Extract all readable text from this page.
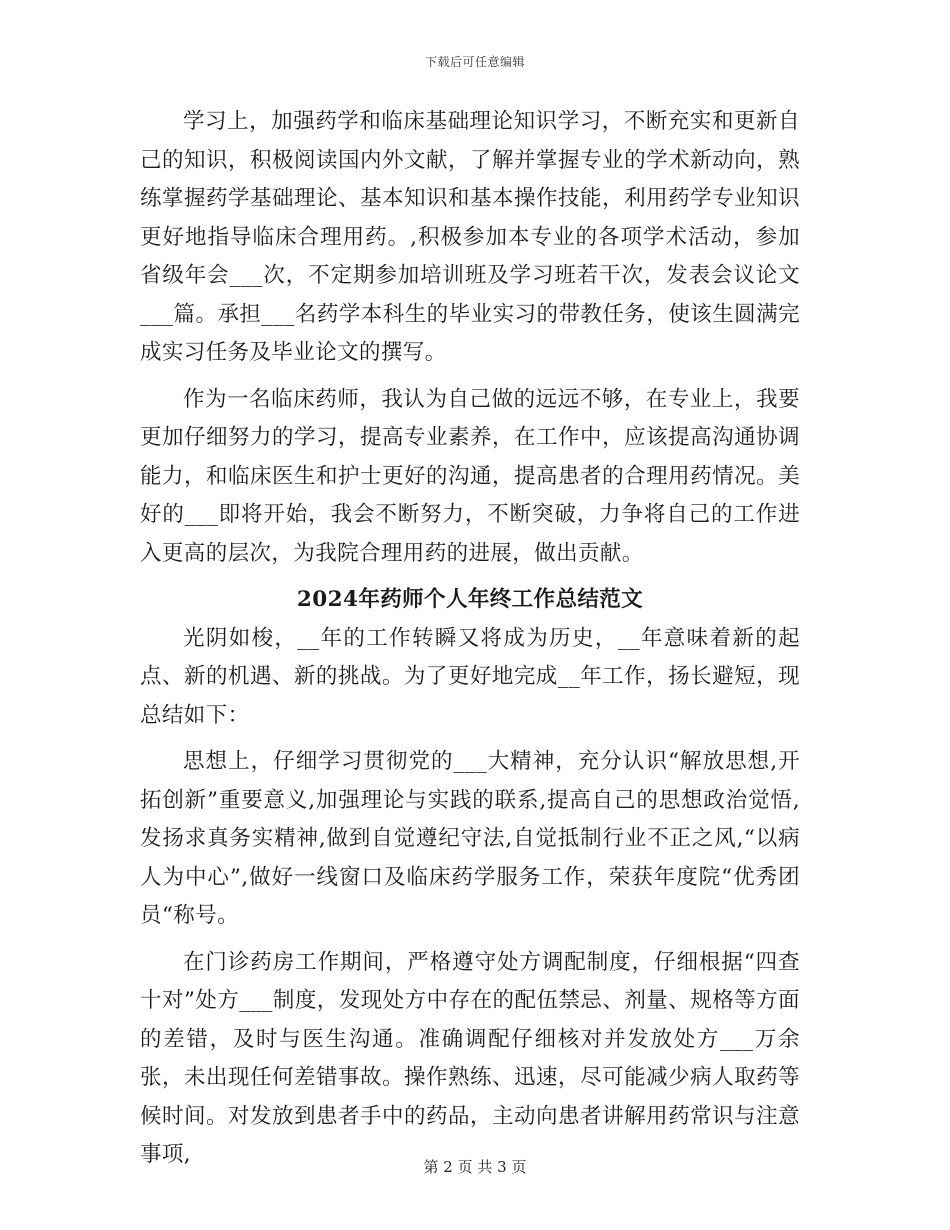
下载后可任意编辑

学习上，加强药学和临床基础理论知识学习，不断充实和更新自己的知识，积极阅读国内外文献，了解并掌握专业的学术新动向，熟练掌握药学基础理论、基本知识和基本操作技能，利用药学专业知识更好地指导临床合理用药。,积极参加本专业的各项学术活动，参加省级年会___次，不定期参加培训班及学习班若干次，发表会议论文___篇。承担___名药学本科生的毕业实习的带教任务，使该生圆满完成实习任务及毕业论文的撰写。

作为一名临床药师，我认为自己做的远远不够，在专业上，我要更加仔细努力的学习，提高专业素养，在工作中，应该提高沟通协调能力，和临床医生和护士更好的沟通，提高患者的合理用药情况。美好的___即将开始，我会不断努力，不断突破，力争将自己的工作进入更高的层次，为我院合理用药的进展，做出贡献。

2024年药师个人年终工作总结范文

光阴如梭，__年的工作转瞬又将成为历史，__年意味着新的起点、新的机遇、新的挑战。为了更好地完成__年工作，扬长避短，现总结如下：

思想上，仔细学习贯彻党的___大精神，充分认识“解放思想,开拓创新”重要意义,加强理论与实践的联系,提高自己的思想政治觉悟,发扬求真务实精神,做到自觉遵纪守法,自觉抵制行业不正之风,“以病人为中心”,做好一线窗口及临床药学服务工作，荣获年度院“优秀团员“称号。

在门诊药房工作期间，严格遵守处方调配制度，仔细根据“四查十对”处方___制度，发现处方中存在的配伍禁忌、剂量、规格等方面的差错，及时与医生沟通。准确调配仔细核对并发放处方___万余张，未出现任何差错事故。操作熟练、迅速，尽可能减少病人取药等候时间。对发放到患者手中的药品，主动向患者讲解用药常识与注意事项,	第 2 页 共 3 页
